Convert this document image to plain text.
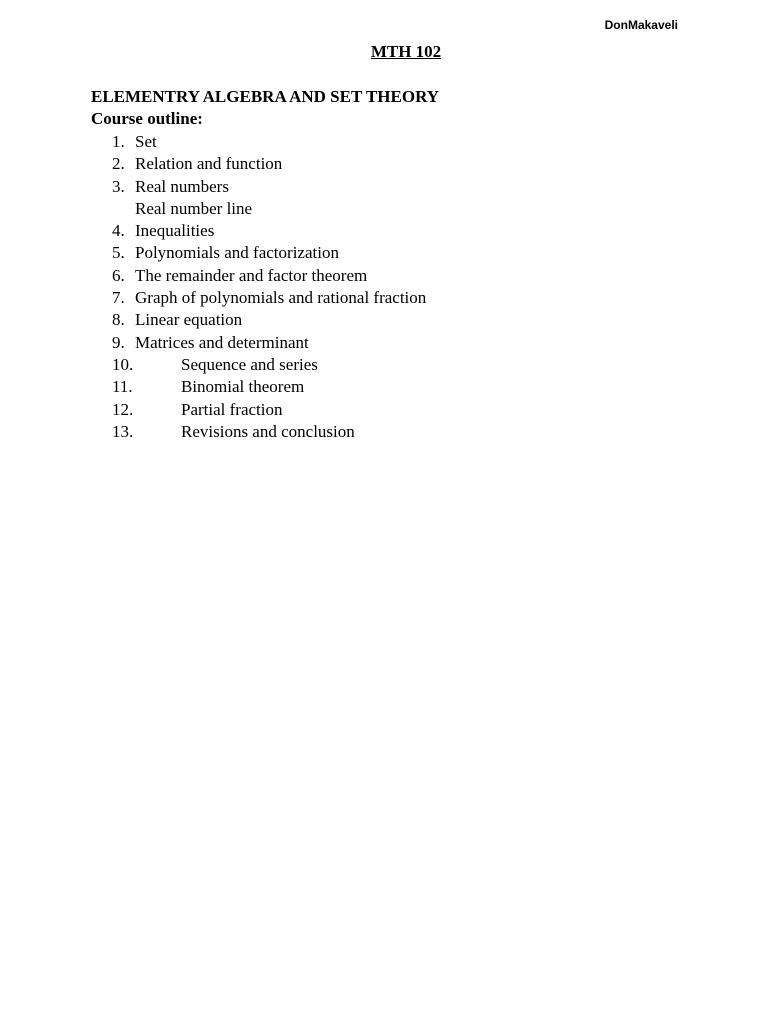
DonMakaveli
MTH 102
ELEMENTRY ALGEBRA AND SET THEORY
Course outline:
1. Set
2. Relation and function
3. Real numbers
Real number line
4. Inequalities
5. Polynomials and factorization
6. The remainder and factor theorem
7. Graph of polynomials and rational fraction
8. Linear equation
9. Matrices and determinant
10.	Sequence and series
11.	Binomial theorem
12.	Partial fraction
13.	Revisions and conclusion
